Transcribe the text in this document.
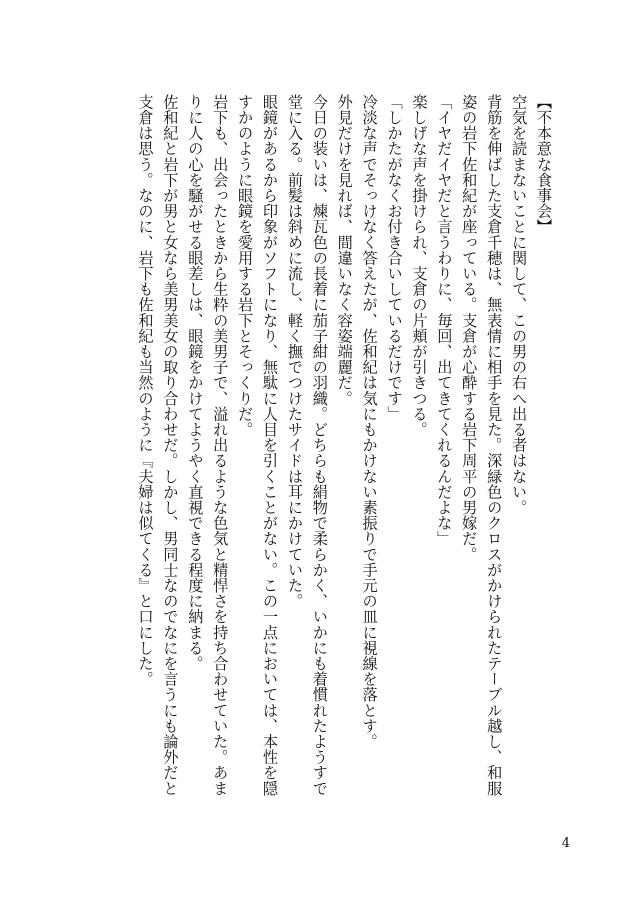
【不本意な食事会】
空気を読まないことに関して、この男の右へ出る者はない。
背筋を伸ばした支倉千穂は、無表情に相手を見た。深緑色のクロスがかけられたテーブル越し、和服
姿の岩下佐和紀が座っている。支倉が心酔する岩下周平の男嫁だ。
「イヤだイヤだと言うわりに、毎回、出てきてくれるんだよな」
楽しげな声を掛けられ、支倉の片頬が引きつる。
「しかたがなくお付き合いしているだけです」
冷淡な声でそっけなく答えたが、佐和紀は気にもかけない素振りで手元の皿に視線を落とす。
外見だけを見れば、間違いなく容姿端麗だ。
今日の装いは、煉瓦色の長着に茄子紺の羽織。どちらも絹物で柔らかく、いかにも着慣れたようすで
堂に入る。前髪は斜めに流し、軽く撫でつけたサイドは耳にかけていた。
眼鏡があるから印象がソフトになり、無駄に人目を引くことがない。この一点においては、本性を隠
すかのように眼鏡を愛用する岩下とそっくりだ。
岩下も、出会ったときから生粋の美男子で、溢れ出るような色気と精悍さを持ち合わせていた。あま
りに人の心を騒がせる眼差しは、眼鏡をかけてようやく直視できる程度に納まる。
佐和紀と岩下が男と女なら美男美女の取り合わせだ。しかし、男同士なのでなにを言うにも論外だと
支倉は思う。なのに、岩下も佐和紀も当然のように『夫婦は似てくる』と口にした。
4
